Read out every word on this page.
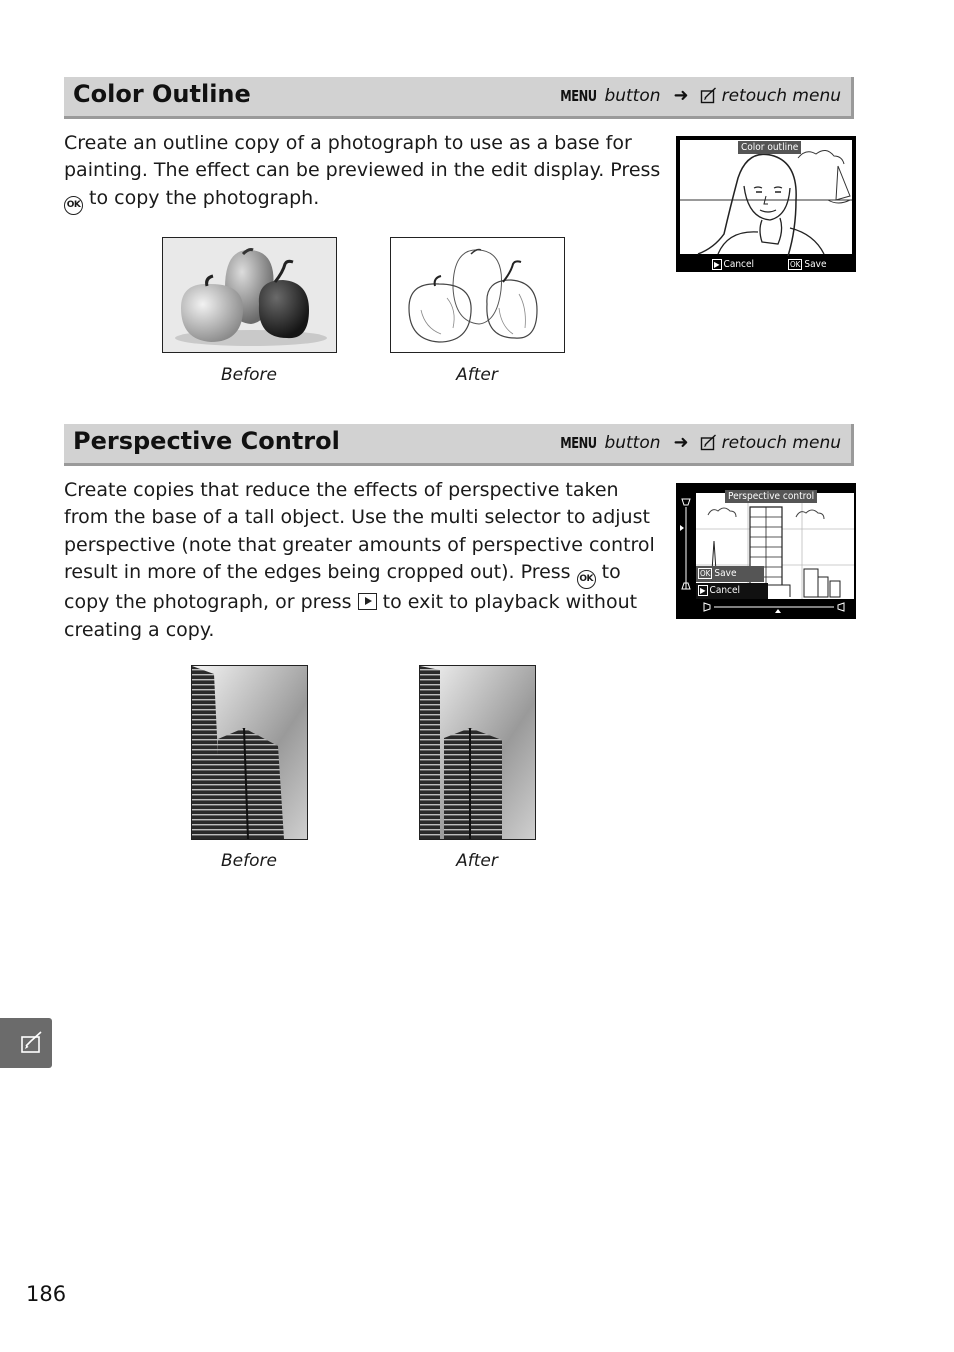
Color Outline	MENU button ➜ retouch menu
Create an outline copy of a photograph to use as a base for painting. The effect can be previewed in the edit display. Press OK to copy the photograph.
Color outline
▶ Cancel	OK Save
Before	After
Perspective Control	MENU button ➜ retouch menu
Create copies that reduce the effects of perspective taken from the base of a tall object. Use the multi selector to adjust perspective (note that greater amounts of perspective control result in more of the edges being cropped out). Press OK to copy the photograph, or press  to exit to playback without creating a copy.
Perspective control
OK Save
▶ Cancel
Before	After
186
